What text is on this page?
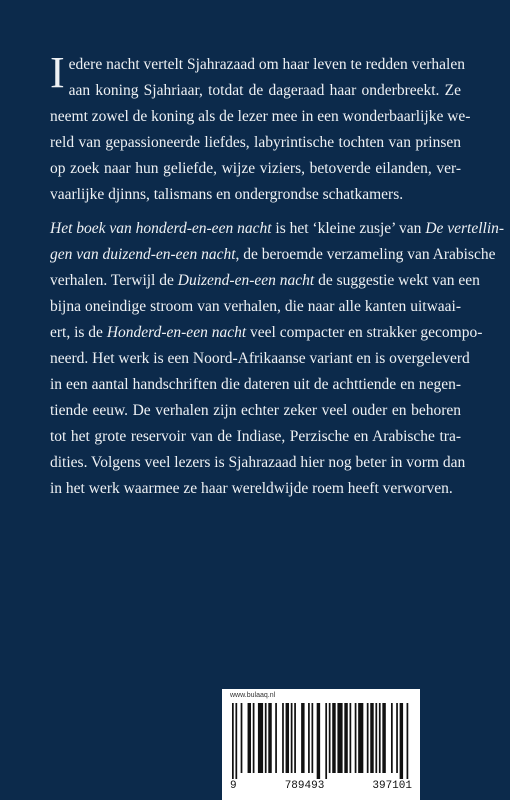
I edere nacht vertelt Sjahrazaad om haar leven te redden verhalen
aan koning Sjahriaar, totdat de dageraad haar onderbreekt. Ze
neemt zowel de koning als de lezer mee in een wonderbaarlijke we-
reld van gepassioneerde liefdes, labyrintische tochten van prinsen
op zoek naar hun geliefde, wijze viziers, betoverde eilanden, ver-
vaarlijke djinns, talismans en ondergrondse schatkamers.
Het boek van honderd-en-een nacht is het ‘kleine zusje’ van De vertellin-
gen van duizend-en-een nacht, de beroemde verzameling van Arabische
verhalen. Terwijl de Duizend-en-een nacht de suggestie wekt van een
bijna oneindige stroom van verhalen, die naar alle kanten uitwaai-
ert, is de Honderd-en-een nacht veel compacter en strakker gecompo-
neerd. Het werk is een Noord-Afrikaanse variant en is overgeleverd
in een aantal handschriften die dateren uit de achttiende en negen-
tiende eeuw. De verhalen zijn echter zeker veel ouder en behoren
tot het grote reservoir van de Indiase, Perzische en Arabische tra-
dities. Volgens veel lezers is Sjahrazaad hier nog beter in vorm dan
in het werk waarmee ze haar wereldwijde roem heeft verworven.
www.bulaaq.nl
9	789493	397101
